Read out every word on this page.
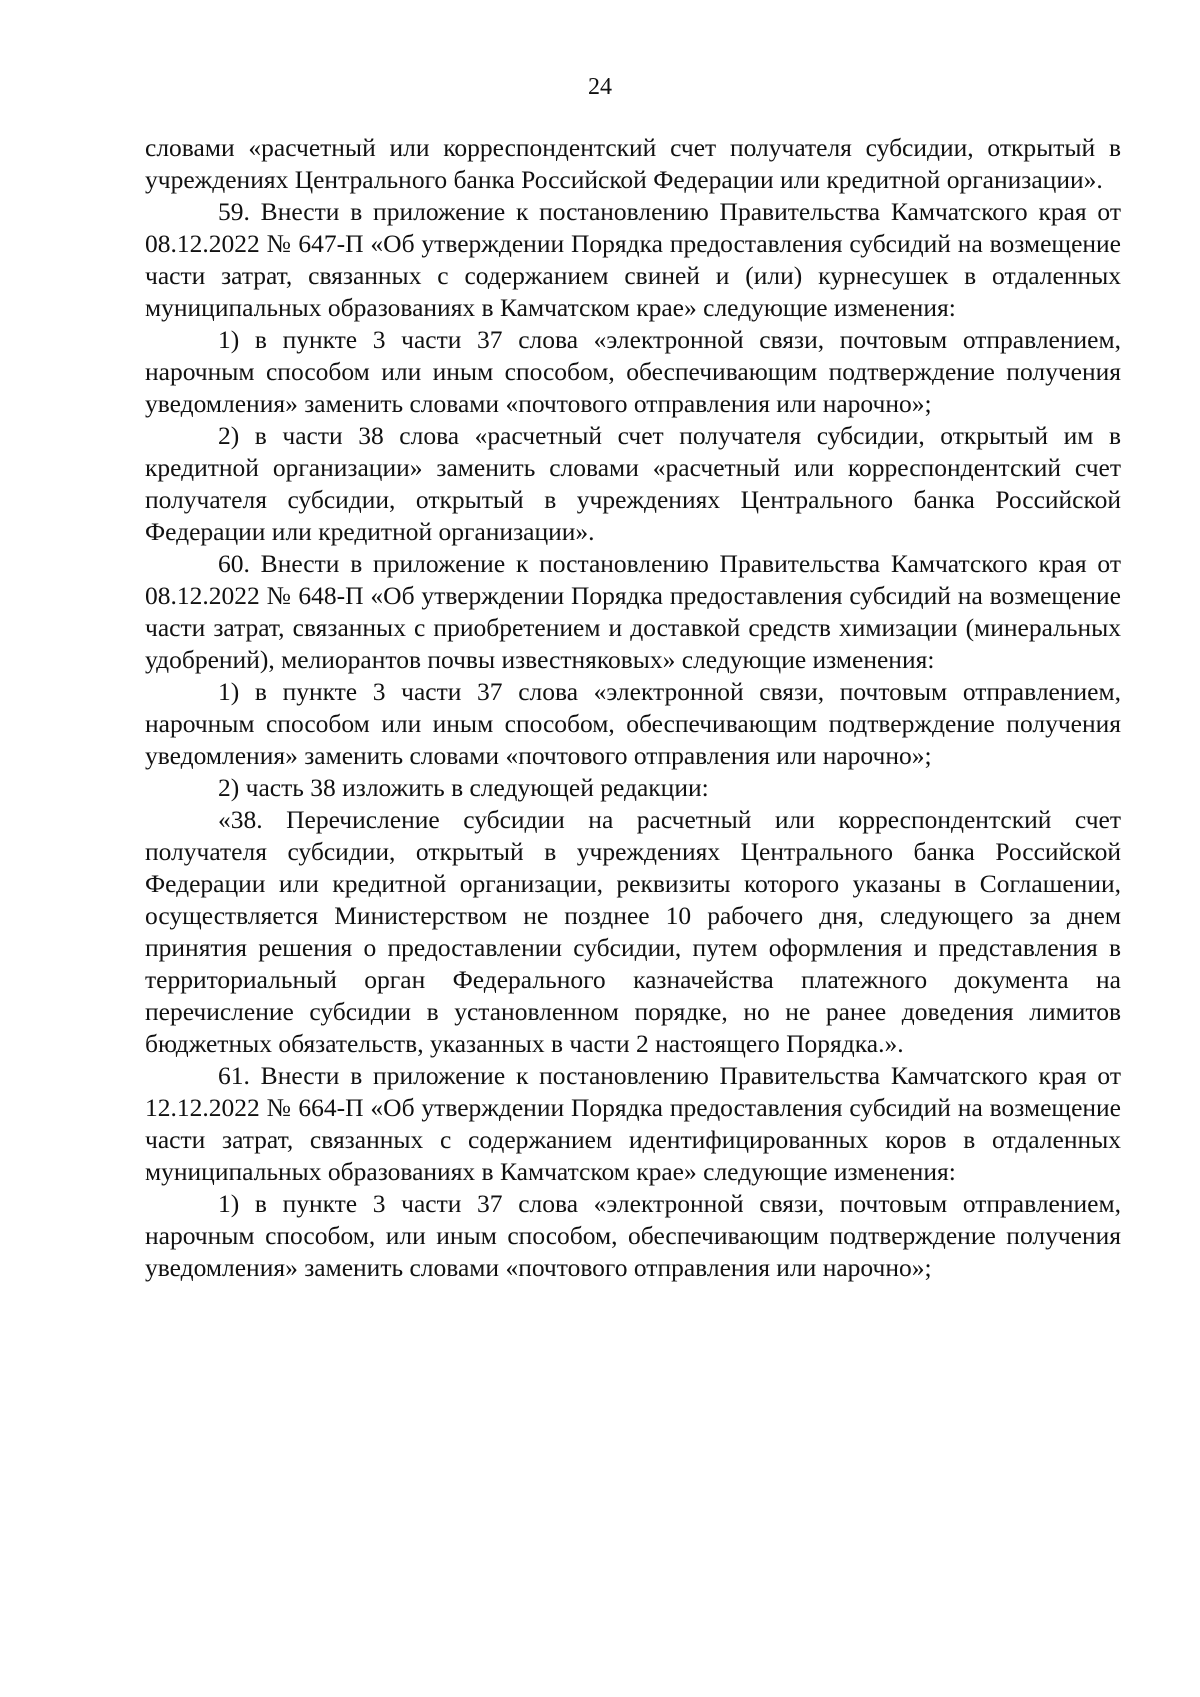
24

словами «расчетный или корреспондентский счет получателя субсидии, открытый в учреждениях Центрального банка Российской Федерации или кредитной организации».

59. Внести в приложение к постановлению Правительства Камчатского края от 08.12.2022 № 647-П «Об утверждении Порядка предоставления субсидий на возмещение части затрат, связанных с содержанием свиней и (или) курнесушек в отдаленных муниципальных образованиях в Камчатском крае» следующие изменения:

1) в пункте 3 части 37 слова «электронной связи, почтовым отправлением, нарочным способом или иным способом, обеспечивающим подтверждение получения уведомления» заменить словами «почтового отправления или нарочно»;

2) в части 38 слова «расчетный счет получателя субсидии, открытый им в кредитной организации» заменить словами «расчетный или корреспондентский счет получателя субсидии, открытый в учреждениях Центрального банка Российской Федерации или кредитной организации».

60. Внести в приложение к постановлению Правительства Камчатского края от 08.12.2022 № 648-П «Об утверждении Порядка предоставления субсидий на возмещение части затрат, связанных с приобретением и доставкой средств химизации (минеральных удобрений), мелиорантов почвы известняковых» следующие изменения:

1) в пункте 3 части 37 слова «электронной связи, почтовым отправлением, нарочным способом или иным способом, обеспечивающим подтверждение получения уведомления» заменить словами «почтового отправления или нарочно»;

2) часть 38 изложить в следующей редакции:

«38. Перечисление субсидии на расчетный или корреспондентский счет получателя субсидии, открытый в учреждениях Центрального банка Российской Федерации или кредитной организации, реквизиты которого указаны в Соглашении, осуществляется Министерством не позднее 10 рабочего дня, следующего за днем принятия решения о предоставлении субсидии, путем оформления и представления в территориальный орган Федерального казначейства платежного документа на перечисление субсидии в установленном порядке, но не ранее доведения лимитов бюджетных обязательств, указанных в части 2 настоящего Порядка.».

61. Внести в приложение к постановлению Правительства Камчатского края от 12.12.2022 № 664-П «Об утверждении Порядка предоставления субсидий на возмещение части затрат, связанных с содержанием идентифицированных коров в отдаленных муниципальных образованиях в Камчатском крае» следующие изменения:

1) в пункте 3 части 37 слова «электронной связи, почтовым отправлением, нарочным способом, или иным способом, обеспечивающим подтверждение получения уведомления» заменить словами «почтового отправления или нарочно»;
